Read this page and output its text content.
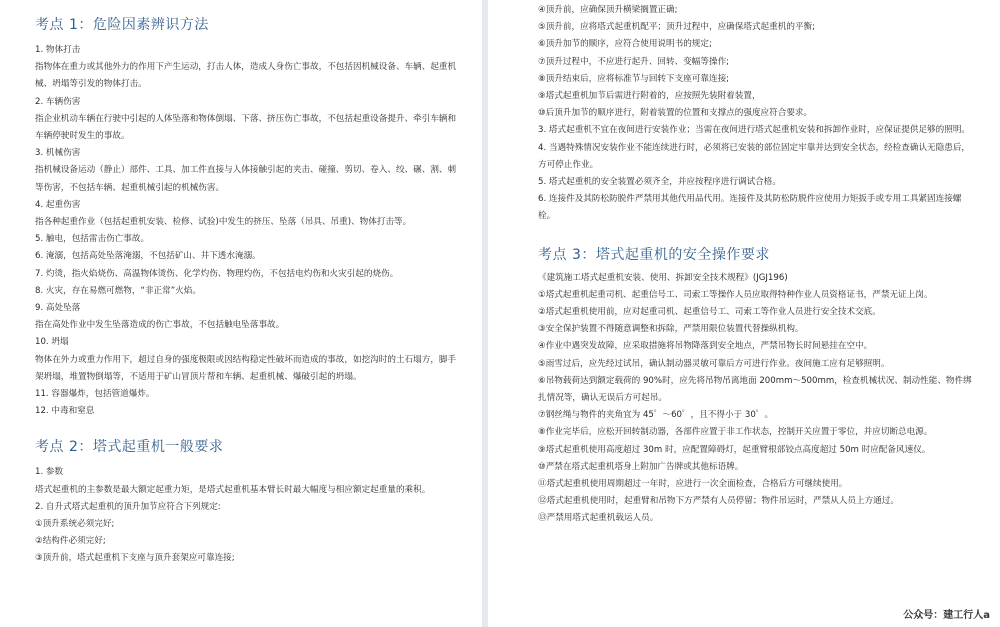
考点 1：危险因素辨识方法

1. 物体打击

指物体在重力或其他外力的作用下产生运动，打击人体，造成人身伤亡事故，不包括因机械设备、车辆、起重机械、坍塌等引发的物体打击。

2. 车辆伤害

指企业机动车辆在行驶中引起的人体坠落和物体倒塌、下落、挤压伤亡事故，不包括起重设备提升、牵引车辆和车辆停驶时发生的事故。

3. 机械伤害

指机械设备运动（静止）部件、工具、加工件直接与人体接触引起的夹击、碰撞、剪切、卷入、绞、碾、割、刺等伤害，不包括车辆、起重机械引起的机械伤害。

4. 起重伤害

指各种起重作业（包括起重机安装、检修、试验)中发生的挤压、坠落（吊具、吊重)、物体打击等。

5. 触电，包括雷击伤亡事故。

6. 淹溺，包括高处坠落淹溺，不包括矿山、井下透水淹溺。

7. 灼烫，指火焰烧伤、高温物体烫伤、化学灼伤、物理灼伤，不包括电灼伤和火灾引起的烧伤。

8. 火灾，存在易燃可燃物，“非正常”火焰。

9. 高处坠落

指在高处作业中发生坠落造成的伤亡事故，不包括触电坠落事故。

10. 坍塌

物体在外力或重力作用下，超过自身的强度极限或因结构稳定性破坏而造成的事故，如挖沟时的土石塌方，脚手架坍塌，堆置物倒塌等，不适用于矿山冒顶片帮和车辆、起重机械、爆破引起的坍塌。

11. 容器爆炸，包括管道爆炸。

12. 中毒和窒息

考点 2：塔式起重机一般要求

1. 参数

塔式起重机的主参数是最大额定起重力矩，是塔式起重机基本臂长时最大幅度与相应额定起重量的乘积。

2. 自升式塔式起重机的顶升加节应符合下列规定:

①顶升系统必须完好;

②结构件必须完好;

③顶升前，塔式起重机下支座与顶升套架应可靠连接;

④顶升前，应确保顶升横梁搁置正确;

⑤顶升前，应将塔式起重机配平；顶升过程中，应确保塔式起重机的平衡;

⑥顶升加节的顺序，应符合使用说明书的规定;

⑦顶升过程中，不应进行起升、回转、变幅等操作;

⑧顶升结束后，应将标准节与回转下支座可靠连接;

⑨塔式起重机加节后需进行附着的，应按照先装附着装置，

⑩后顶升加节的顺序进行，附着装置的位置和支撑点的强度应符合要求。

3. 塔式起重机不宜在夜间进行安装作业；当需在夜间进行塔式起重机安装和拆卸作业时，应保证提供足够的照明。

4. 当遇特殊情况安装作业不能连续进行时，必须将已安装的部位固定牢靠并达到安全状态，经检查确认无隐患后，方可停止作业。

5. 塔式起重机的安全装置必须齐全，并应按程序进行调试合格。

6. 连接件及其防松防脱件严禁用其他代用品代用。连接件及其防松防脱件应使用力矩扳手或专用工具紧固连接螺栓。

考点 3：塔式起重机的安全操作要求

《建筑施工塔式起重机安装、使用、拆卸安全技术规程》(JGJ196)

①塔式起重机起重司机、起重信号工、司索工等操作人员应取得特种作业人员资格证书，严禁无证上岗。

②塔式起重机使用前，应对起重司机、起重信号工、司索工等作业人员进行安全技术交底。

③安全保护装置不得随意调整和拆除，严禁用限位装置代替操纵机构。

④作业中遇突发故障，应采取措施将吊物降落到安全地点，严禁吊物长时间悬挂在空中。

⑤雨雪过后，应先经过试吊，确认制动器灵敏可靠后方可进行作业。夜间施工应有足够照明。

⑥吊物载荷达到额定载荷的 90%时，应先将吊物吊离地面 200mm～500mm，检查机械状况、制动性能、物件绑扎情况等，确认无误后方可起吊。

⑦钢丝绳与物件的夹角宜为 45゜～60゜，且不得小于 30゜。

⑧作业完毕后，应松开回转制动器，各部件应置于非工作状态，控制开关应置于零位，并应切断总电源。

⑨塔式起重机使用高度超过 30m 时，应配置障碍灯，起重臂根部铰点高度超过 50m 时应配备风速仪。

⑩严禁在塔式起重机塔身上附加广告牌或其他标语牌。

⑪塔式起重机使用周期超过一年时，应进行一次全面检查，合格后方可继续使用。

⑫塔式起重机使用时，起重臂和吊物下方严禁有人员停留；物件吊运时，严禁从人员上方通过。

⑬严禁用塔式起重机载运人员。

公众号：建工行人a
